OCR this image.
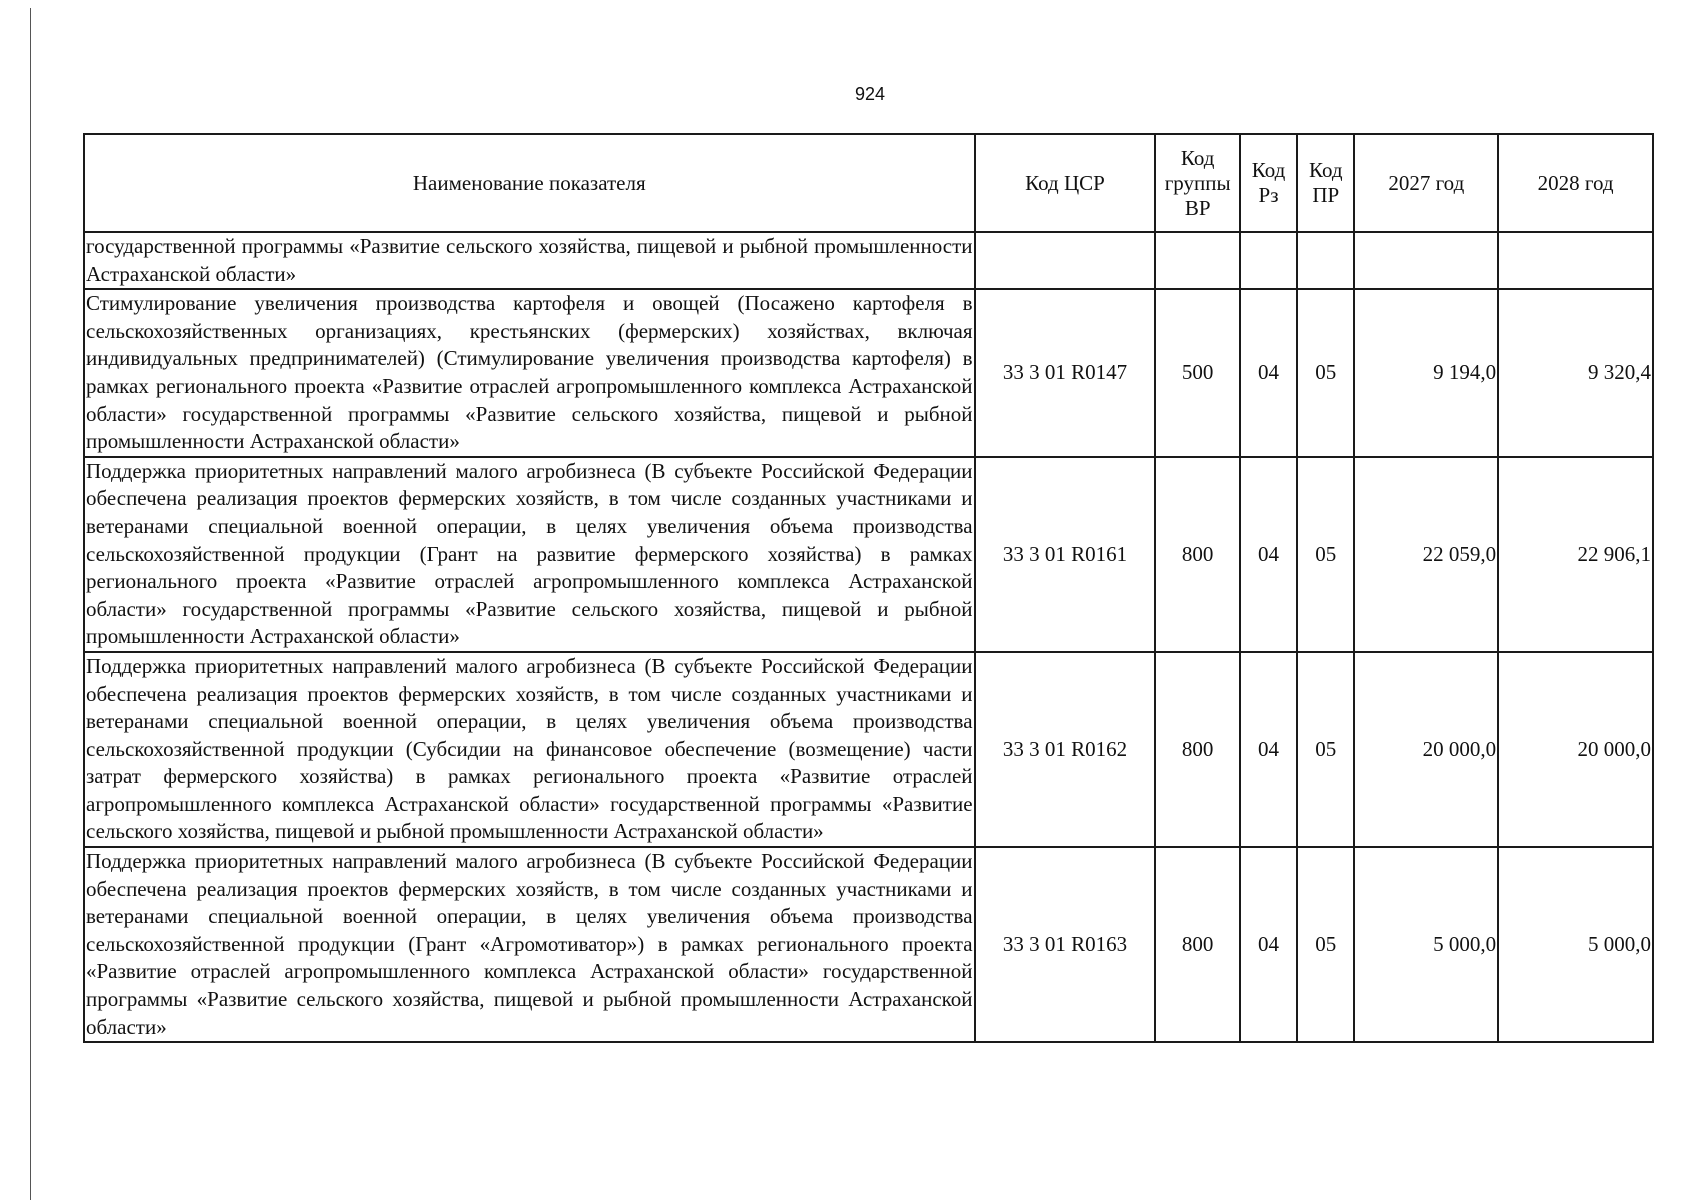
924
Наименование показателя	Код ЦСР	Код группы ВР	Код Рз	Код ПР	2027 год	2028 год
государственной программы «Развитие сельского хозяйства, пищевой и рыбной промышленности Астраханской области»						
Стимулирование увеличения производства картофеля и овощей (Посажено картофеля в сельскохозяйственных организациях, крестьянских (фермерских) хозяйствах, включая индивидуальных предпринимателей) (Стимулирование увеличения производства картофеля) в рамках регионального проекта «Развитие отраслей агропромышленного комплекса Астраханской области» государственной программы «Развитие сельского хозяйства, пищевой и рыбной промышленности Астраханской области»	33 3 01 R0147	500	04	05	9 194,0	9 320,4
Поддержка приоритетных направлений малого агробизнеса (В субъекте Российской Федерации обеспечена реализация проектов фермерских хозяйств, в том числе созданных участниками и ветеранами специальной военной операции, в целях увеличения объема производства сельскохозяйственной продукции (Грант на развитие фермерского хозяйства) в рамках регионального проекта «Развитие отраслей агропромышленного комплекса Астраханской области» государственной программы «Развитие сельского хозяйства, пищевой и рыбной промышленности Астраханской области»	33 3 01 R0161	800	04	05	22 059,0	22 906,1
Поддержка приоритетных направлений малого агробизнеса (В субъекте Российской Федерации обеспечена реализация проектов фермерских хозяйств, в том числе созданных участниками и ветеранами специальной военной операции, в целях увеличения объема производства сельскохозяйственной продукции (Субсидии на финансовое обеспечение (возмещение) части затрат фермерского хозяйства) в рамках регионального проекта «Развитие отраслей агропромышленного комплекса Астраханской области» государственной программы «Развитие сельского хозяйства, пищевой и рыбной промышленности Астраханской области»	33 3 01 R0162	800	04	05	20 000,0	20 000,0
Поддержка приоритетных направлений малого агробизнеса (В субъекте Российской Федерации обеспечена реализация проектов фермерских хозяйств, в том числе созданных участниками и ветеранами специальной военной операции, в целях увеличения объема производства сельскохозяйственной продукции (Грант «Агромотиватор») в рамках регионального проекта «Развитие отраслей агропромышленного комплекса Астраханской области» государственной программы «Развитие сельского хозяйства, пищевой и рыбной промышленности Астраханской области»	33 3 01 R0163	800	04	05	5 000,0	5 000,0
